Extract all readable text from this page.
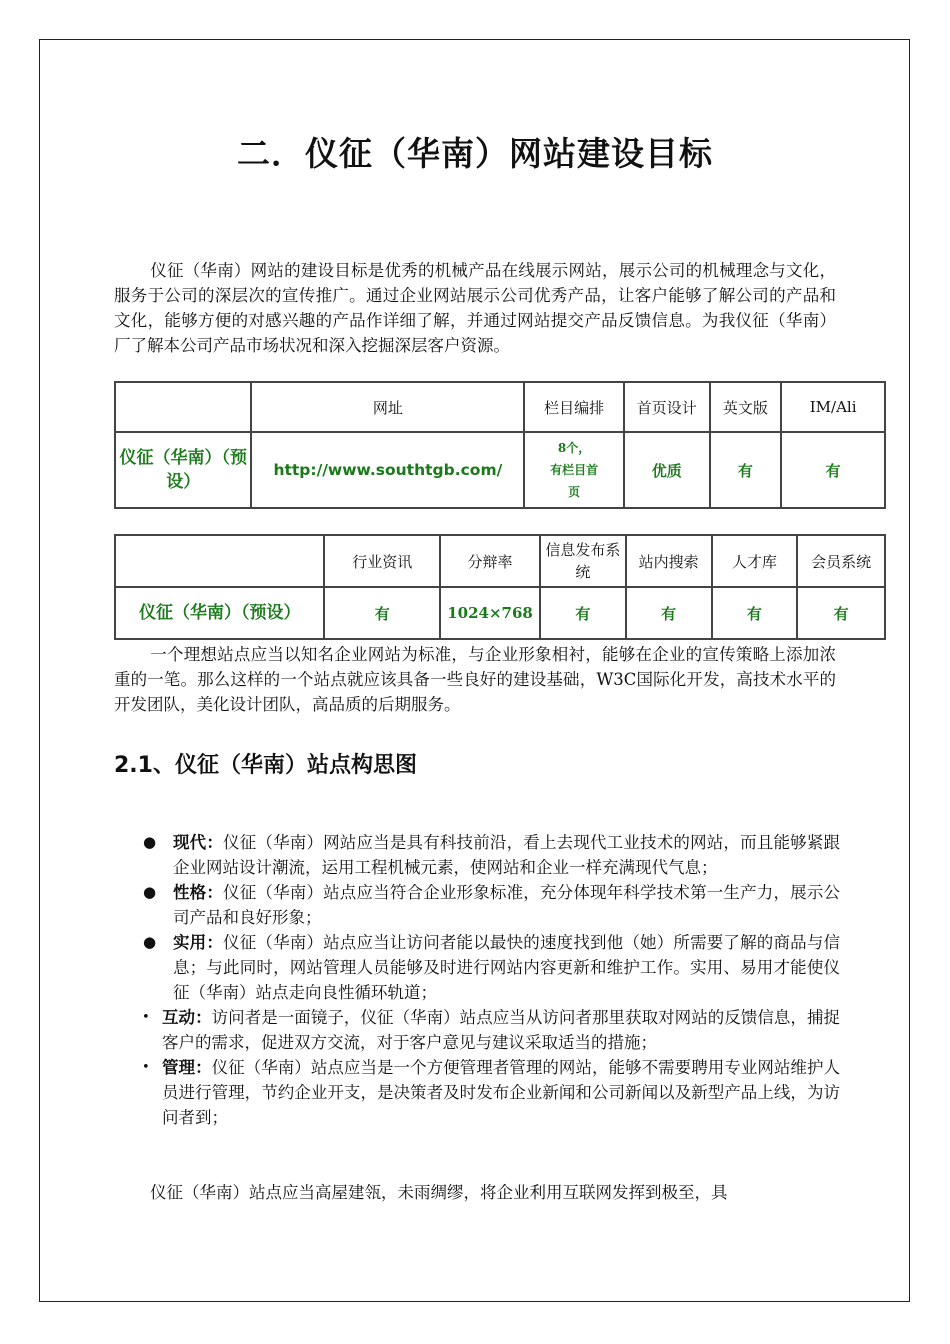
二．仪征（华南）网站建设目标
仪征（华南）网站的建设目标是优秀的机械产品在线展示网站，展示公司的机械理念与文化，服务于公司的深层次的宣传推广。通过企业网站展示公司优秀产品，让客户能够了解公司的产品和文化，能够方便的对感兴趣的产品作详细了解，并通过网站提交产品反馈信息。为我仪征（华南）厂了解本公司产品市场状况和深入挖掘深层客户资源。
	网址	栏目编排	首页设计	英文版	IM/Ali
仪征（华南）（预设）	http://www.southtgb.com/	8个，
有栏目首
页	优质	有	有
	行业资讯	分辩率	信息发布系统	站内搜索	人才库	会员系统
仪征（华南）（预设）	有	1024×768	有	有	有	有
一个理想站点应当以知名企业网站为标准，与企业形象相衬，能够在企业的宣传策略上添加浓重的一笔。那么这样的一个站点就应该具备一些良好的建设基础，W3C国际化开发，高技术水平的开发团队，美化设计团队，高品质的后期服务。
2.1、仪征（华南）站点构思图
● 现代：仪征（华南）网站应当是具有科技前沿，看上去现代工业技术的网站，而且能够紧跟企业网站设计潮流，运用工程机械元素，使网站和企业一样充满现代气息；
● 性格：仪征（华南）站点应当符合企业形象标准，充分体现年科学技术第一生产力，展示公司产品和良好形象；
● 实用：仪征（华南）站点应当让访问者能以最快的速度找到他（她）所需要了解的商品与信息；与此同时，网站管理人员能够及时进行网站内容更新和维护工作。实用、易用才能使仪征（华南）站点走向良性循环轨道；
• 互动：访问者是一面镜子，仪征（华南）站点应当从访问者那里获取对网站的反馈信息，捕捉客户的需求，促进双方交流，对于客户意见与建议采取适当的措施；
• 管理：仪征（华南）站点应当是一个方便管理者管理的网站，能够不需要聘用专业网站维护人员进行管理，节约企业开支，是决策者及时发布企业新闻和公司新闻以及新型产品上线，为访问者到；
仪征（华南）站点应当高屋建瓴，未雨绸缪，将企业利用互联网发挥到极至，具
